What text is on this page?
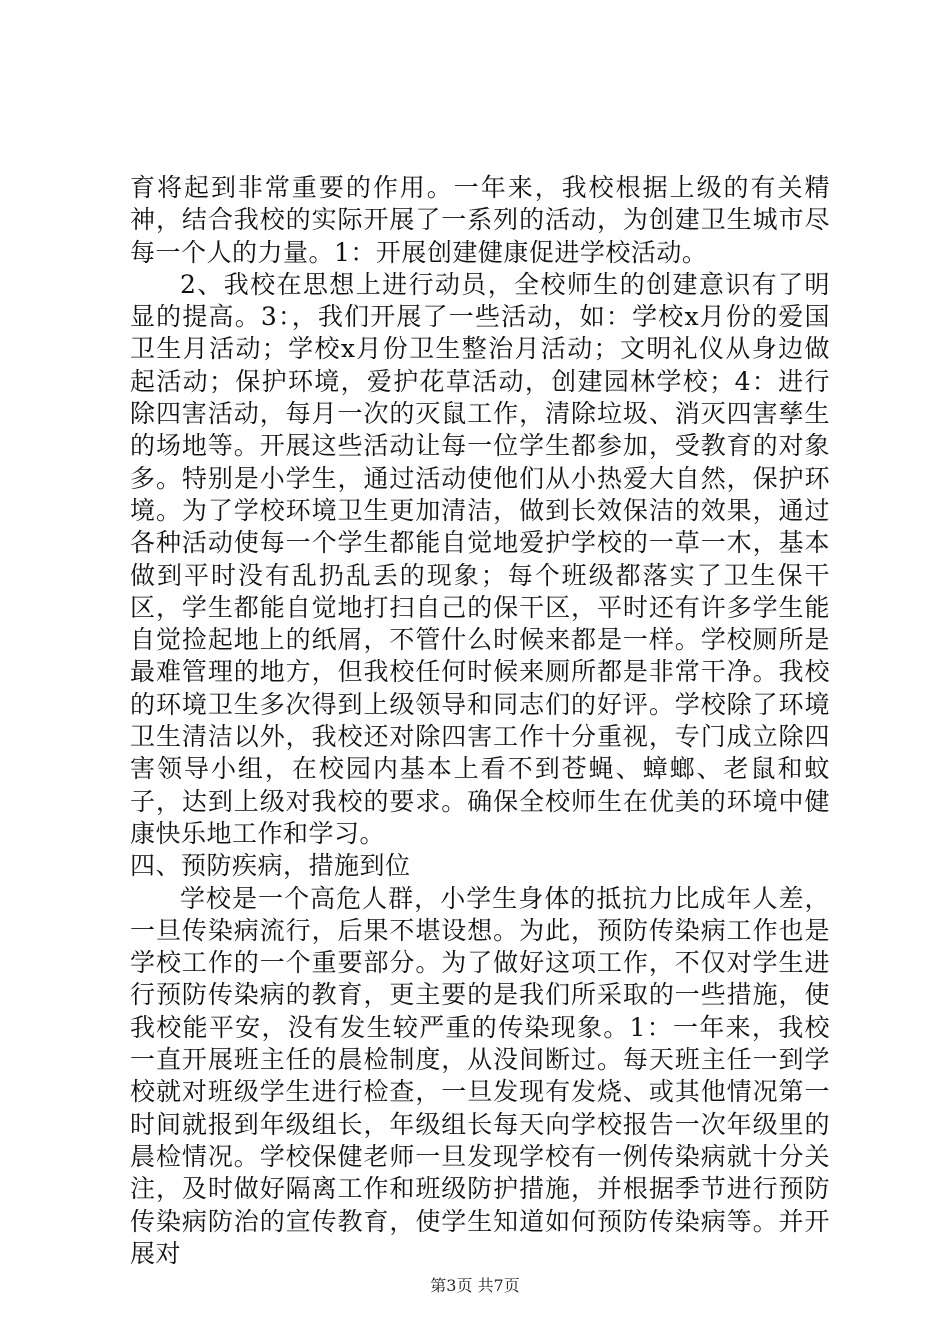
育将起到非常重要的作用。一年来，我校根据上级的有关精神，结合我校的实际开展了一系列的活动，为创建卫生城市尽每一个人的力量。1：开展创建健康促进学校活动。

2、我校在思想上进行动员，全校师生的创建意识有了明显的提高。3：，我们开展了一些活动，如：学校x月份的爱国卫生月活动；学校x月份卫生整治月活动；文明礼仪从身边做起活动；保护环境，爱护花草活动，创建园林学校；4：进行除四害活动，每月一次的灭鼠工作，清除垃圾、消灭四害孳生的场地等。开展这些活动让每一位学生都参加，受教育的对象多。特别是小学生，通过活动使他们从小热爱大自然，保护环境。为了学校环境卫生更加清洁，做到长效保洁的效果，通过各种活动使每一个学生都能自觉地爱护学校的一草一木，基本做到平时没有乱扔乱丢的现象；每个班级都落实了卫生保干区，学生都能自觉地打扫自己的保干区，平时还有许多学生能自觉捡起地上的纸屑，不管什么时候来都是一样。学校厕所是最难管理的地方，但我校任何时候来厕所都是非常干净。我校的环境卫生多次得到上级领导和同志们的好评。学校除了环境卫生清洁以外，我校还对除四害工作十分重视，专门成立除四害领导小组，在校园内基本上看不到苍蝇、蟑螂、老鼠和蚊子，达到上级对我校的要求。确保全校师生在优美的环境中健康快乐地工作和学习。

四、预防疾病，措施到位

学校是一个高危人群，小学生身体的抵抗力比成年人差，一旦传染病流行，后果不堪设想。为此，预防传染病工作也是学校工作的一个重要部分。为了做好这项工作，不仅对学生进行预防传染病的教育，更主要的是我们所采取的一些措施，使我校能平安，没有发生较严重的传染现象。1：一年来，我校一直开展班主任的晨检制度，从没间断过。每天班主任一到学校就对班级学生进行检查，一旦发现有发烧、或其他情况第一时间就报到年级组长，年级组长每天向学校报告一次年级里的晨检情况。学校保健老师一旦发现学校有一例传染病就十分关注，及时做好隔离工作和班级防护措施，并根据季节进行预防传染病防治的宣传教育，使学生知道如何预防传染病等。并开展对

第3页 共7页
